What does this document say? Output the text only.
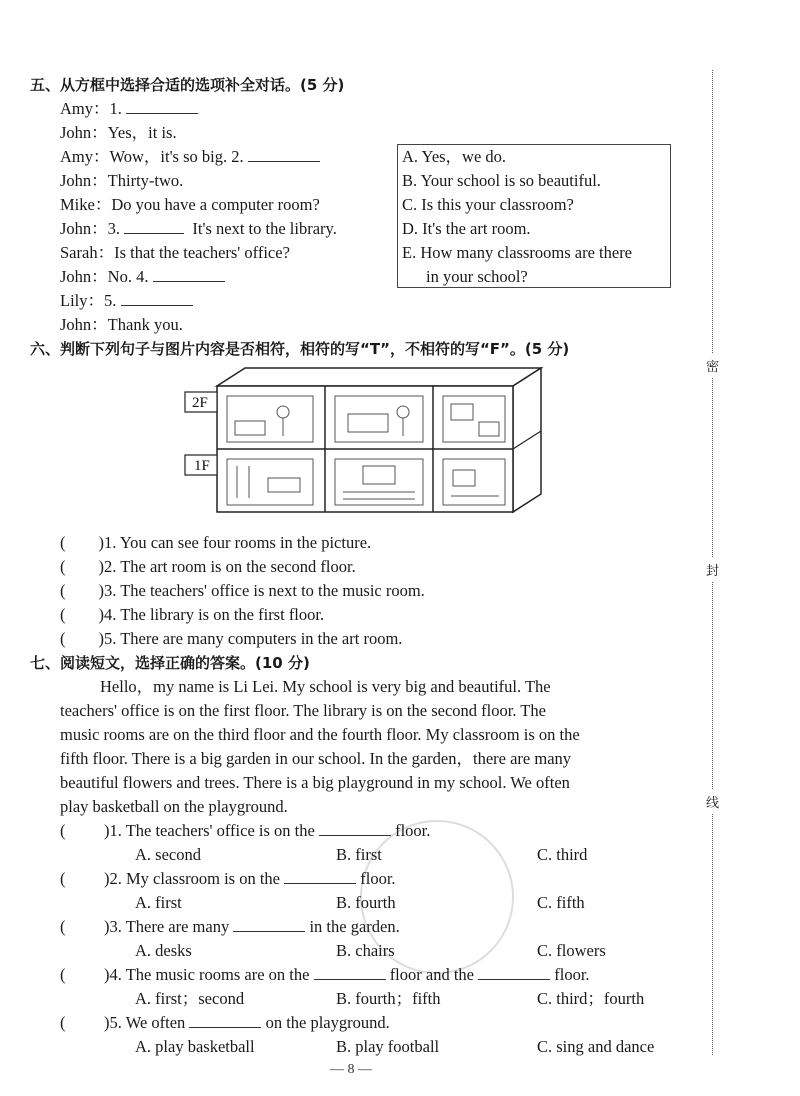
五、从方框中选择合适的选项补全对话。(5 分)
Amy：1.
John：Yes，it is.
Amy：Wow，it's so big. 2.
John：Thirty-two.
Mike：Do you have a computer room?
John：3.	It's next to the library.
Sarah：Is that the teachers' office?
John：No. 4.
Lily：5.
John：Thank you.
A. Yes，we do.
B. Your school is so beautiful.
C. Is this your classroom?
D. It's the art room.
E. How many classrooms are there
in your school?
六、判断下列句子与图片内容是否相符，相符的写“T”，不相符的写“F”。(5 分)
2F
1F
(　　)1. You can see four rooms in the picture.
(　　)2. The art room is on the second floor.
(　　)3. The teachers' office is next to the music room.
(　　)4. The library is on the first floor.
(　　)5. There are many computers in the art room.
七、阅读短文，选择正确的答案。(10 分)
Hello，my name is Li Lei. My school is very big and beautiful. The
teachers' office is on the first floor. The library is on the second floor. The
music rooms are on the third floor and the fourth floor. My classroom is on the
fifth floor. There is a big garden in our school. In the garden，there are many
beautiful flowers and trees. There is a big playground in my school. We often
play basketball on the playground.
( )1. The teachers' office is on the	floor.
A. second	B. first	C. third
( )2. My classroom is on the	floor.
A. first	B. fourth	C. fifth
( )3. There are many	in the garden.
A. desks	B. chairs	C. flowers
( )4. The music rooms are on the	floor and the	floor.
A. first；second	B. fourth；fifth	C. third；fourth
( )5. We often	on the playground.
A. play basketball	B. play football	C. sing and dance
密
封
线
— 8 —
